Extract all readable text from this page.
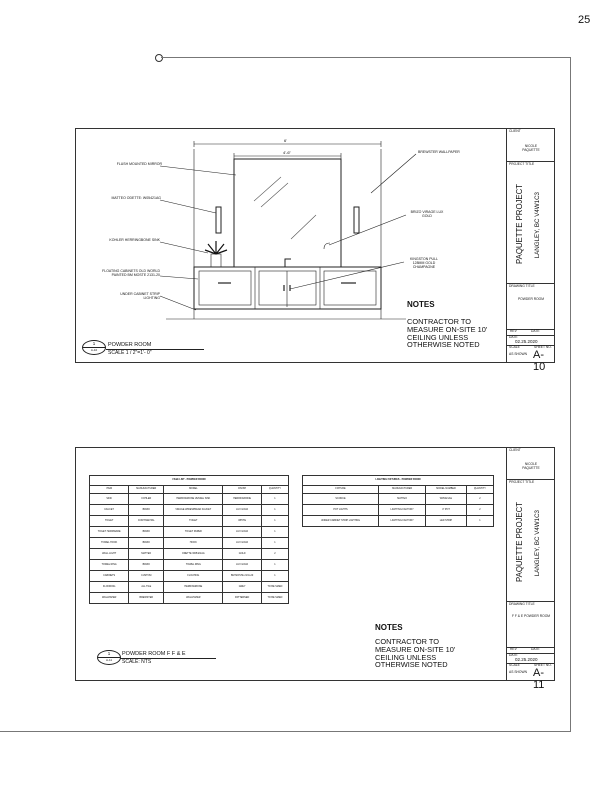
25
6'
4'-6"
FLUSH MOUNTED MIRROR
MATTEO ODETTE: W05421AG
KOHLER HERRINGBONE SINK
FLOATING CABINETS OLD WORLD PAINTED BM MOSTE 2131-20
UNDER CABINET STRIP LIGHTING
BREWSTER WALLPAPER
BRIZO VIRAGE LUX GOLD
KINGSTON PULL 128MM GOLD CHAMPAGNE
NOTES
CONTRACTOR TO MEASURE ON-SITE 10' CEILING UNLESS OTHERWISE NOTED
1
A-10
POWDER ROOM
SCALE 1 / 2"=1'- 0"
CLIENT
NICOLE PAQUETTE
PROJECT TITLE
PAQUETTE PROJECT LANGLEY, BC V4W1C3
DRAWING TITLE
POWDER ROOM
REV	DATE
DATE
02.25.2020
SCALE	SHEET NO.
AS SHOWN A-10
FF&E LIST - POWDER ROOM				
ITEM	MANUFACTURER	MODEL	FINISH	QUANTITY
SINK	KOHLER	HERRINGBONE VESSEL SINK	HERRINGBONE	1
FAUCET	BRIZO	VIRAGE WIDESPREAD FAUCET	LUX GOLD	1
TOILET	CONTINENTAL	TOILET	WHITE	1
TOILET HARDWARE	BRIZO	TOILET PAPER	LUX GOLD	1
TOWEL HOOK	BRIZO	HOOK	LUX GOLD	1
WALL LIGHT	MATTEO	ODETTE W05421AG	GOLD	2
TOWEL RING	BRIZO	TOWEL RING	LUX GOLD	1
CABINETS	CUSTOM	FLOATING	BM MOSTE 2131-20	1
FLOORING	ALL TILE	HERRINGBONE	GREY	TO BE SIZED
WALLPAPER	BREWSTER	WALLPAPER	PATTERNED	TO BE SIZED
LIGHTING FIXTURES - POWDER ROOM			
FIXTURE	MANUFACTURER	MODEL NUMBER	QUANTITY
SCONCE	MATTEO	W05421AG	2
POT LIGHTS	LIGHTING FACTORY	4" POT	2
UNDER CABINET STRIP LIGHTING	LIGHTING FACTORY	LED STRIP	1
NOTES
CONTRACTOR TO MEASURE ON-SITE 10' CEILING UNLESS OTHERWISE NOTED
1
A-11
POWDER ROOM F F & E
SCALE: NTS
CLIENT
NICOLE PAQUETTE
PROJECT TITLE
PAQUETTE PROJECT LANGLEY, BC V4W1C3
DRAWING TITLE
F F & E POWDER ROOM
REV	DATE
DATE
02.25.2020
SCALE	SHEET NO.
AS SHOWN A-11
